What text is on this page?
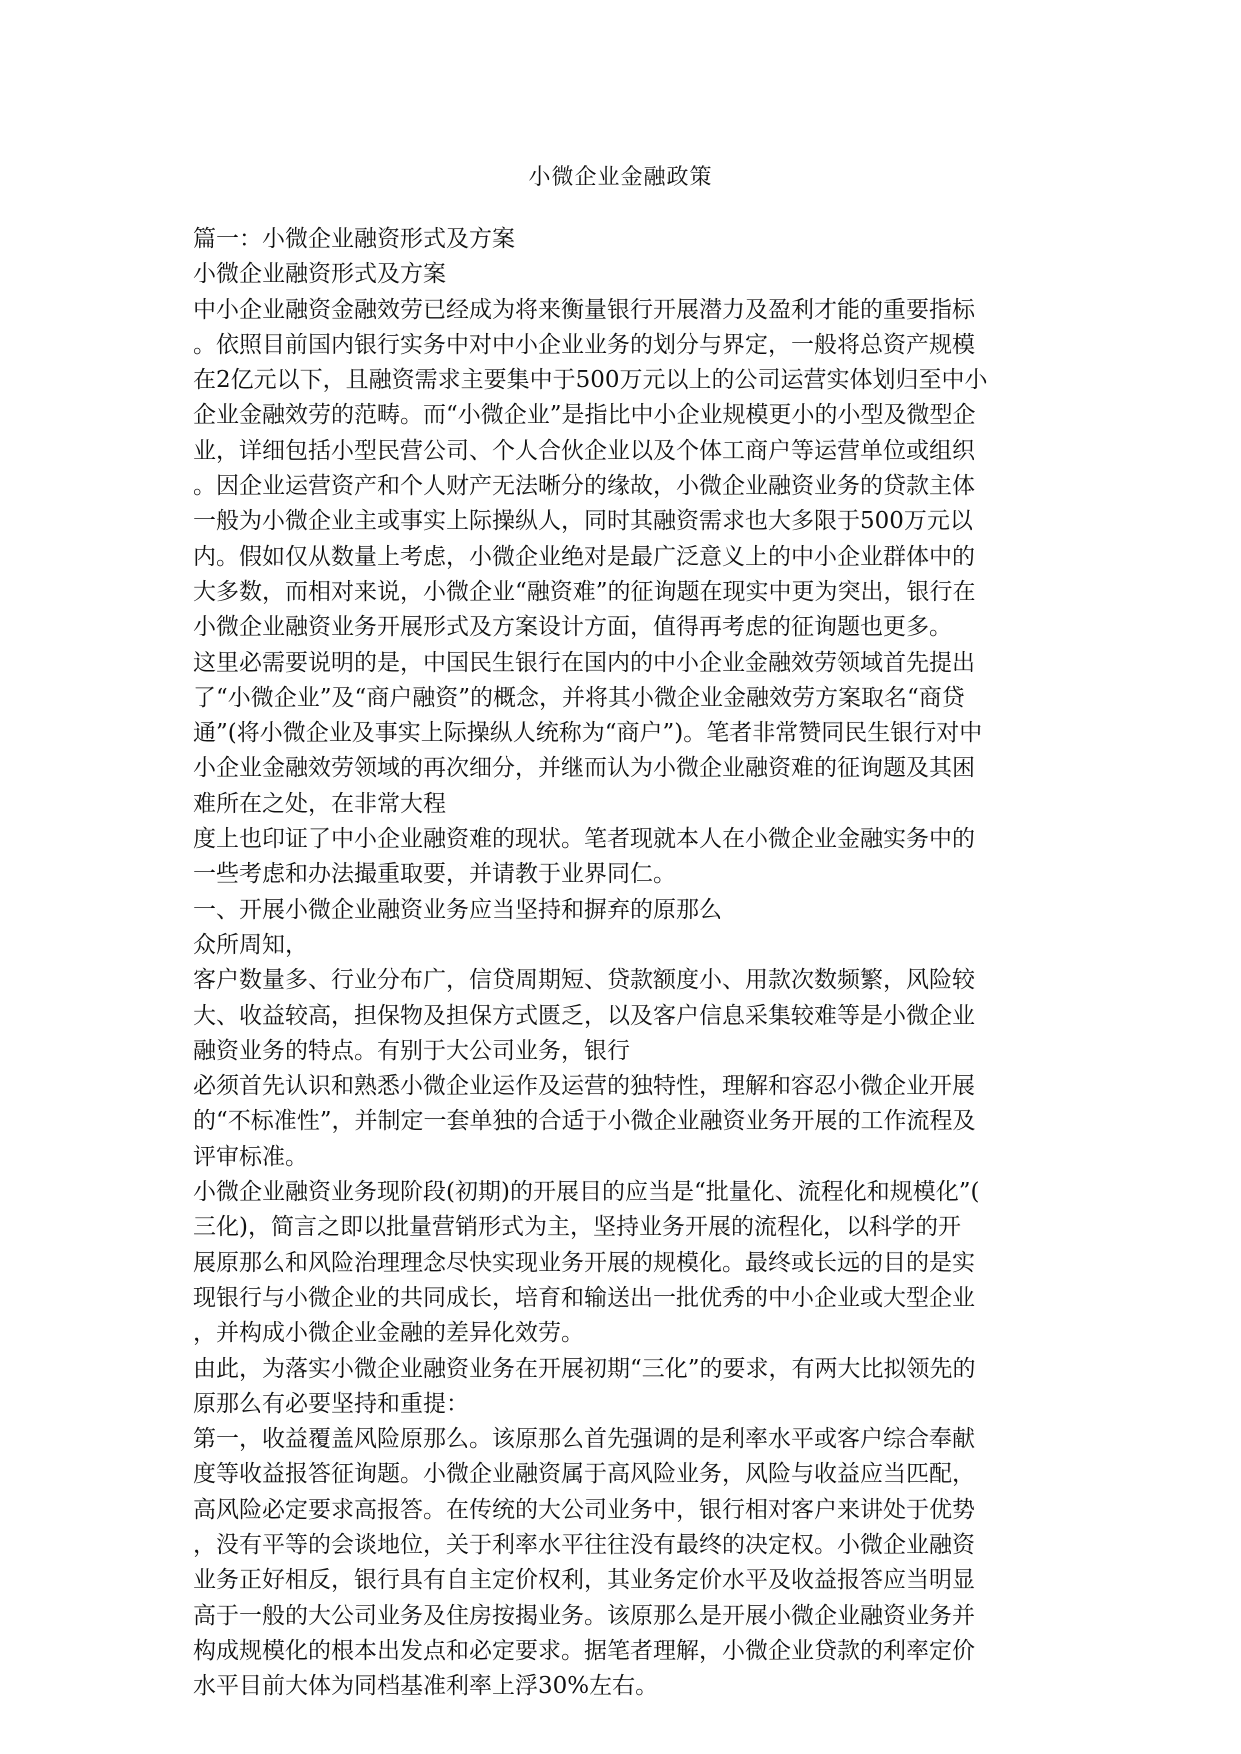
小微企业金融政策
篇一：小微企业融资形式及方案
小微企业融资形式及方案
中小企业融资金融效劳已经成为将来衡量银行开展潜力及盈利才能的重要指标
。依照目前国内银行实务中对中小企业业务的划分与界定，一般将总资产规模
在2亿元以下，且融资需求主要集中于500万元以上的公司运营实体划归至中小
企业金融效劳的范畴。而“小微企业”是指比中小企业规模更小的小型及微型企
业，详细包括小型民营公司、个人合伙企业以及个体工商户等运营单位或组织
。因企业运营资产和个人财产无法晰分的缘故，小微企业融资业务的贷款主体
一般为小微企业主或事实上际操纵人，同时其融资需求也大多限于500万元以
内。假如仅从数量上考虑，小微企业绝对是最广泛意义上的中小企业群体中的
大多数，而相对来说，小微企业“融资难”的征询题在现实中更为突出，银行在
小微企业融资业务开展形式及方案设计方面，值得再考虑的征询题也更多。
这里必需要说明的是，中国民生银行在国内的中小企业金融效劳领域首先提出
了“小微企业”及“商户融资”的概念，并将其小微企业金融效劳方案取名“商贷
通”(将小微企业及事实上际操纵人统称为“商户”)。笔者非常赞同民生银行对中
小企业金融效劳领域的再次细分，并继而认为小微企业融资难的征询题及其困
难所在之处，在非常大程
度上也印证了中小企业融资难的现状。笔者现就本人在小微企业金融实务中的
一些考虑和办法撮重取要，并请教于业界同仁。
一、开展小微企业融资业务应当坚持和摒弃的原那么
众所周知，
客户数量多、行业分布广，信贷周期短、贷款额度小、用款次数频繁，风险较
大、收益较高，担保物及担保方式匮乏，以及客户信息采集较难等是小微企业
融资业务的特点。有别于大公司业务，银行
必须首先认识和熟悉小微企业运作及运营的独特性，理解和容忍小微企业开展
的“不标准性”，并制定一套单独的合适于小微企业融资业务开展的工作流程及
评审标准。
小微企业融资业务现阶段(初期)的开展目的应当是“批量化、流程化和规模化”(
三化)，简言之即以批量营销形式为主，坚持业务开展的流程化，以科学的开
展原那么和风险治理理念尽快实现业务开展的规模化。最终或长远的目的是实
现银行与小微企业的共同成长，培育和输送出一批优秀的中小企业或大型企业
，并构成小微企业金融的差异化效劳。
由此，为落实小微企业融资业务在开展初期“三化”的要求，有两大比拟领先的
原那么有必要坚持和重提：
第一，收益覆盖风险原那么。该原那么首先强调的是利率水平或客户综合奉献
度等收益报答征询题。小微企业融资属于高风险业务，风险与收益应当匹配，
高风险必定要求高报答。在传统的大公司业务中，银行相对客户来讲处于优势
，没有平等的会谈地位，关于利率水平往往没有最终的决定权。小微企业融资
业务正好相反，银行具有自主定价权利，其业务定价水平及收益报答应当明显
高于一般的大公司业务及住房按揭业务。该原那么是开展小微企业融资业务并
构成规模化的根本出发点和必定要求。据笔者理解，小微企业贷款的利率定价
水平目前大体为同档基准利率上浮30%左右。
